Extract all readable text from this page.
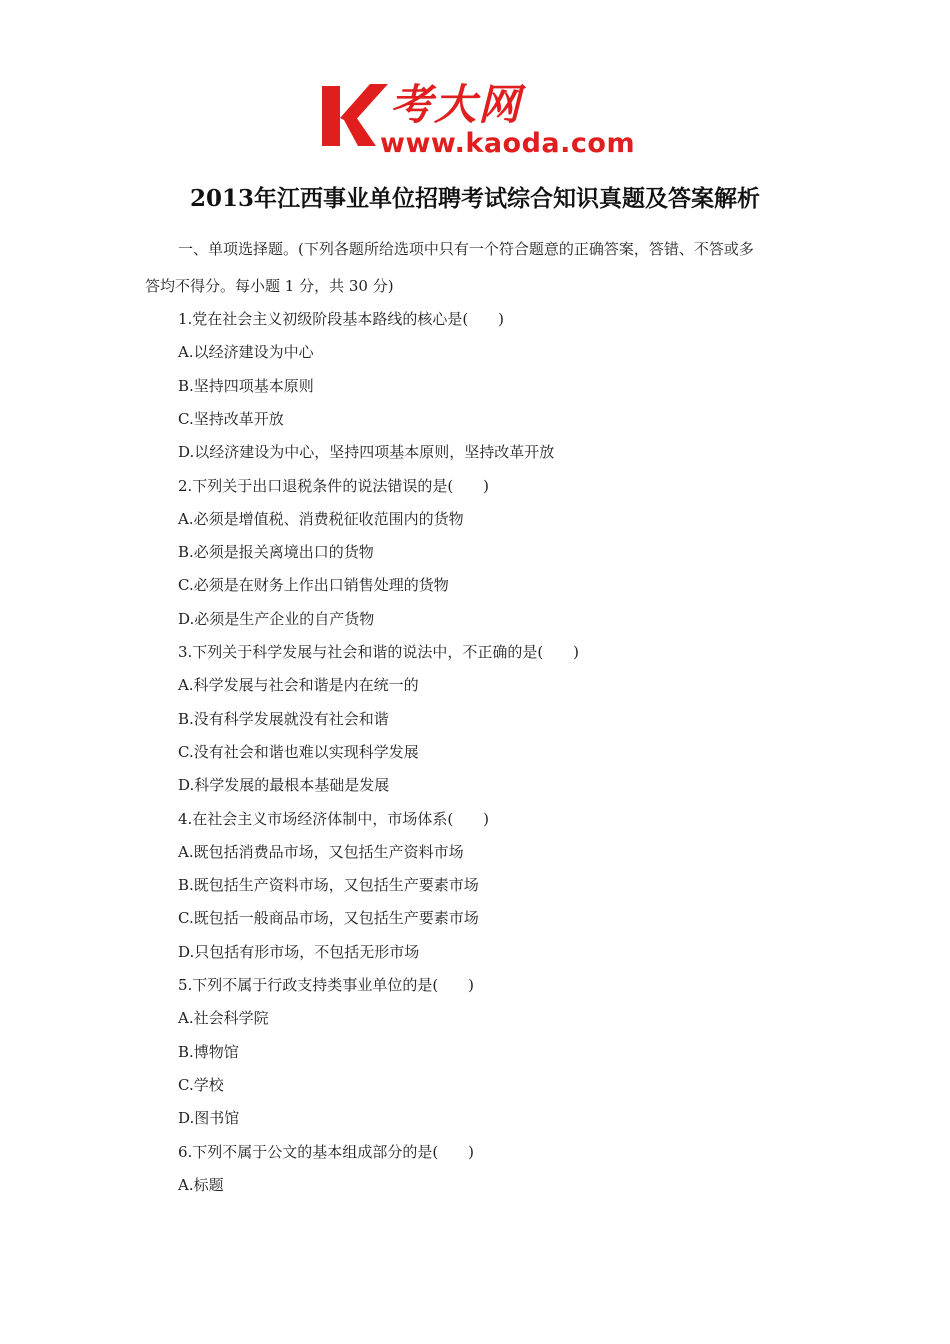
考大网
www.kaoda.com
2013年江西事业单位招聘考试综合知识真题及答案解析
一、单项选择题。(下列各题所给选项中只有一个符合题意的正确答案，答错、不答或多
答均不得分。每小题 1 分，共 30 分)
1.党在社会主义初级阶段基本路线的核心是(　　)
A.以经济建设为中心
B.坚持四项基本原则
C.坚持改革开放
D.以经济建设为中心，坚持四项基本原则，坚持改革开放
2.下列关于出口退税条件的说法错误的是(　　)
A.必须是增值税、消费税征收范围内的货物
B.必须是报关离境出口的货物
C.必须是在财务上作出口销售处理的货物
D.必须是生产企业的自产货物
3.下列关于科学发展与社会和谐的说法中，不正确的是(　　)
A.科学发展与社会和谐是内在统一的
B.没有科学发展就没有社会和谐
C.没有社会和谐也难以实现科学发展
D.科学发展的最根本基础是发展
4.在社会主义市场经济体制中，市场体系(　　)
A.既包括消费品市场，又包括生产资料市场
B.既包括生产资料市场，又包括生产要素市场
C.既包括一般商品市场，又包括生产要素市场
D.只包括有形市场，不包括无形市场
5.下列不属于行政支持类事业单位的是(　　)
A.社会科学院
B.博物馆
C.学校
D.图书馆
6.下列不属于公文的基本组成部分的是(　　)
A.标题
